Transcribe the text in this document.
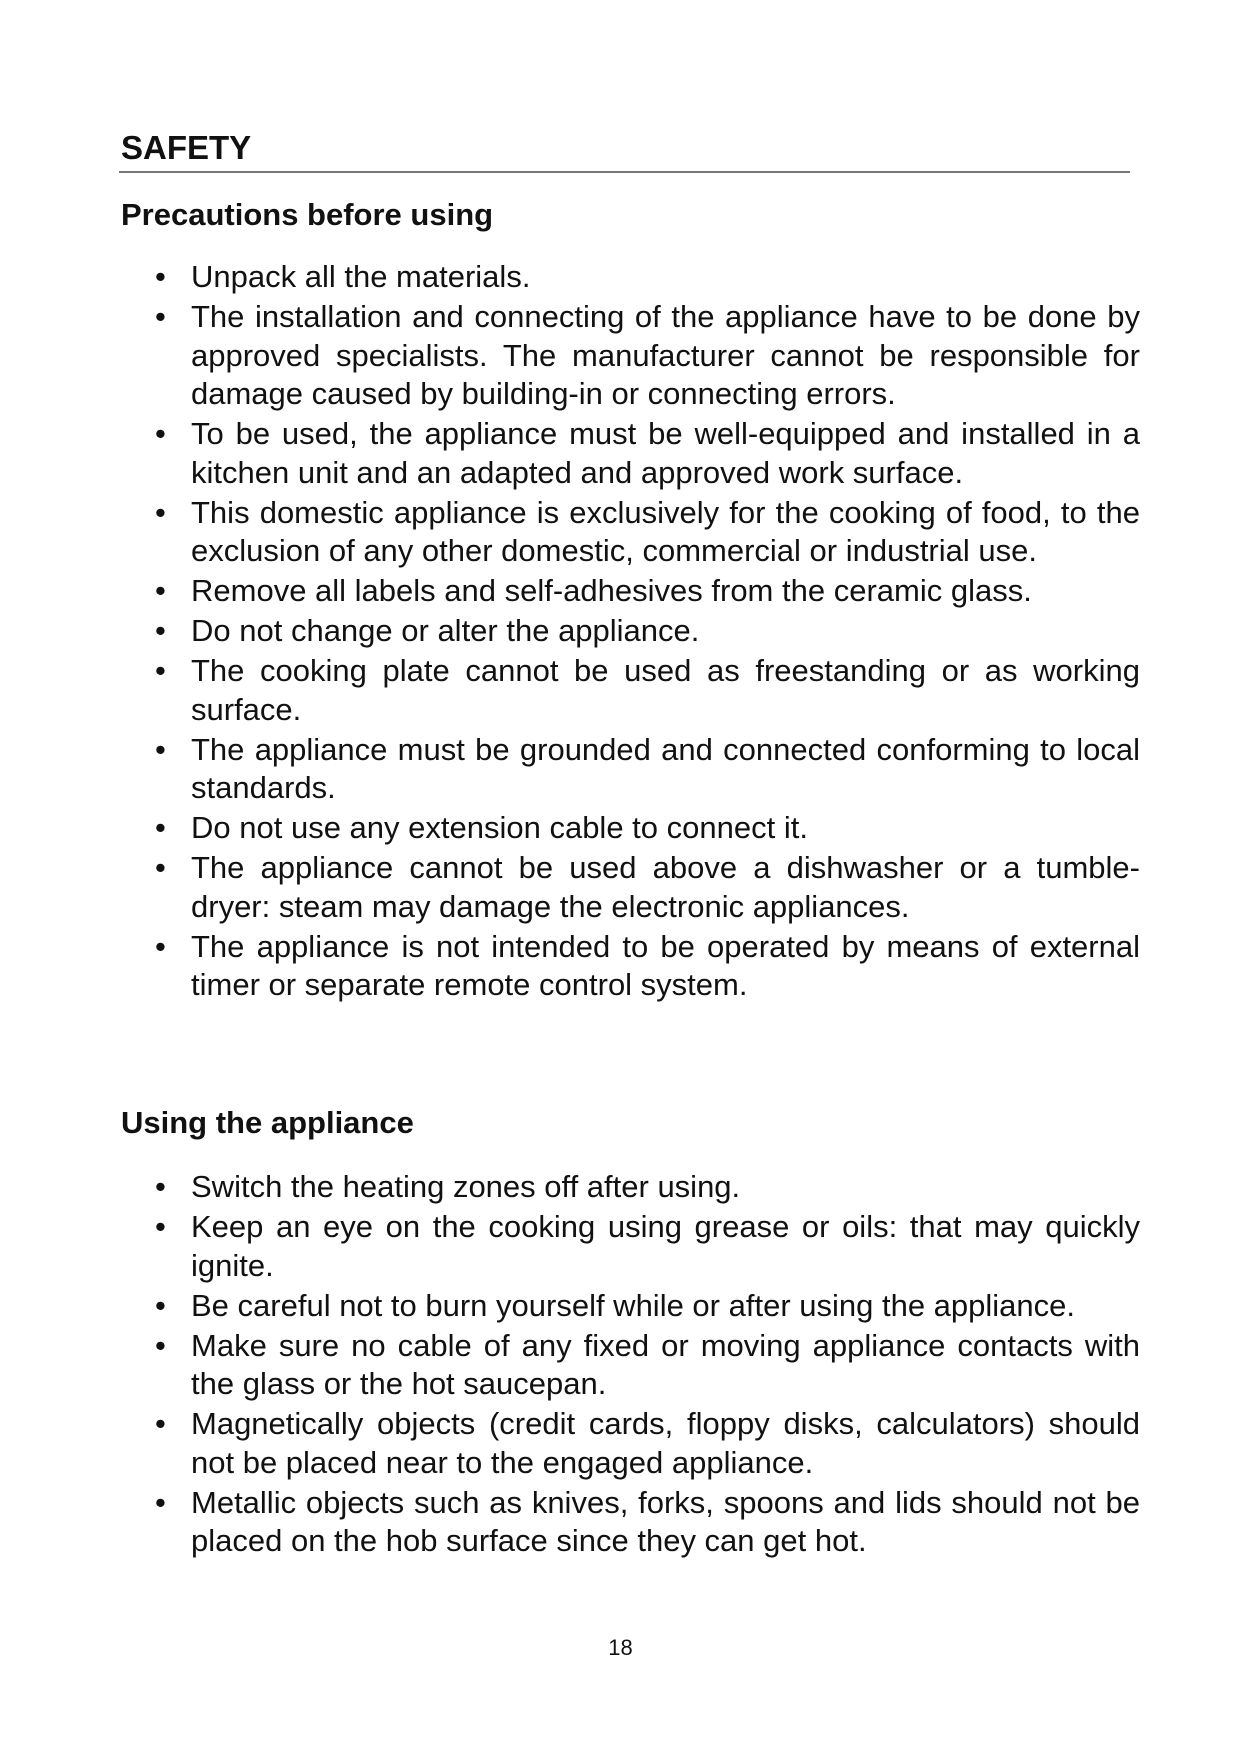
SAFETY
Precautions before using
• Unpack all the materials.
• The installation and connecting of the appliance have to be done by approved specialists. The manufacturer cannot be responsible for damage caused by building-in or connecting errors.
• To be used, the appliance must be well-equipped and installed in a kitchen unit and an adapted and approved work surface.
• This domestic appliance is exclusively for the cooking of food, to the exclusion of any other domestic, commercial or industrial use.
• Remove all labels and self-adhesives from the ceramic glass.
• Do not change or alter the appliance.
• The cooking plate cannot be used as freestanding or as working surface.
• The appliance must be grounded and connected conforming to local standards.
• Do not use any extension cable to connect it.
• The appliance cannot be used above a dishwasher or a tumble-dryer: steam may damage the electronic appliances.
• The appliance is not intended to be operated by means of external timer or separate remote control system.
Using the appliance
• Switch the heating zones off after using.
• Keep an eye on the cooking using grease or oils: that may quickly ignite.
• Be careful not to burn yourself while or after using the appliance.
• Make sure no cable of any fixed or moving appliance contacts with the glass or the hot saucepan.
• Magnetically objects (credit cards, floppy disks, calculators) should not be placed near to the engaged appliance.
• Metallic objects such as knives, forks, spoons and lids should not be placed on the hob surface since they can get hot.
18
